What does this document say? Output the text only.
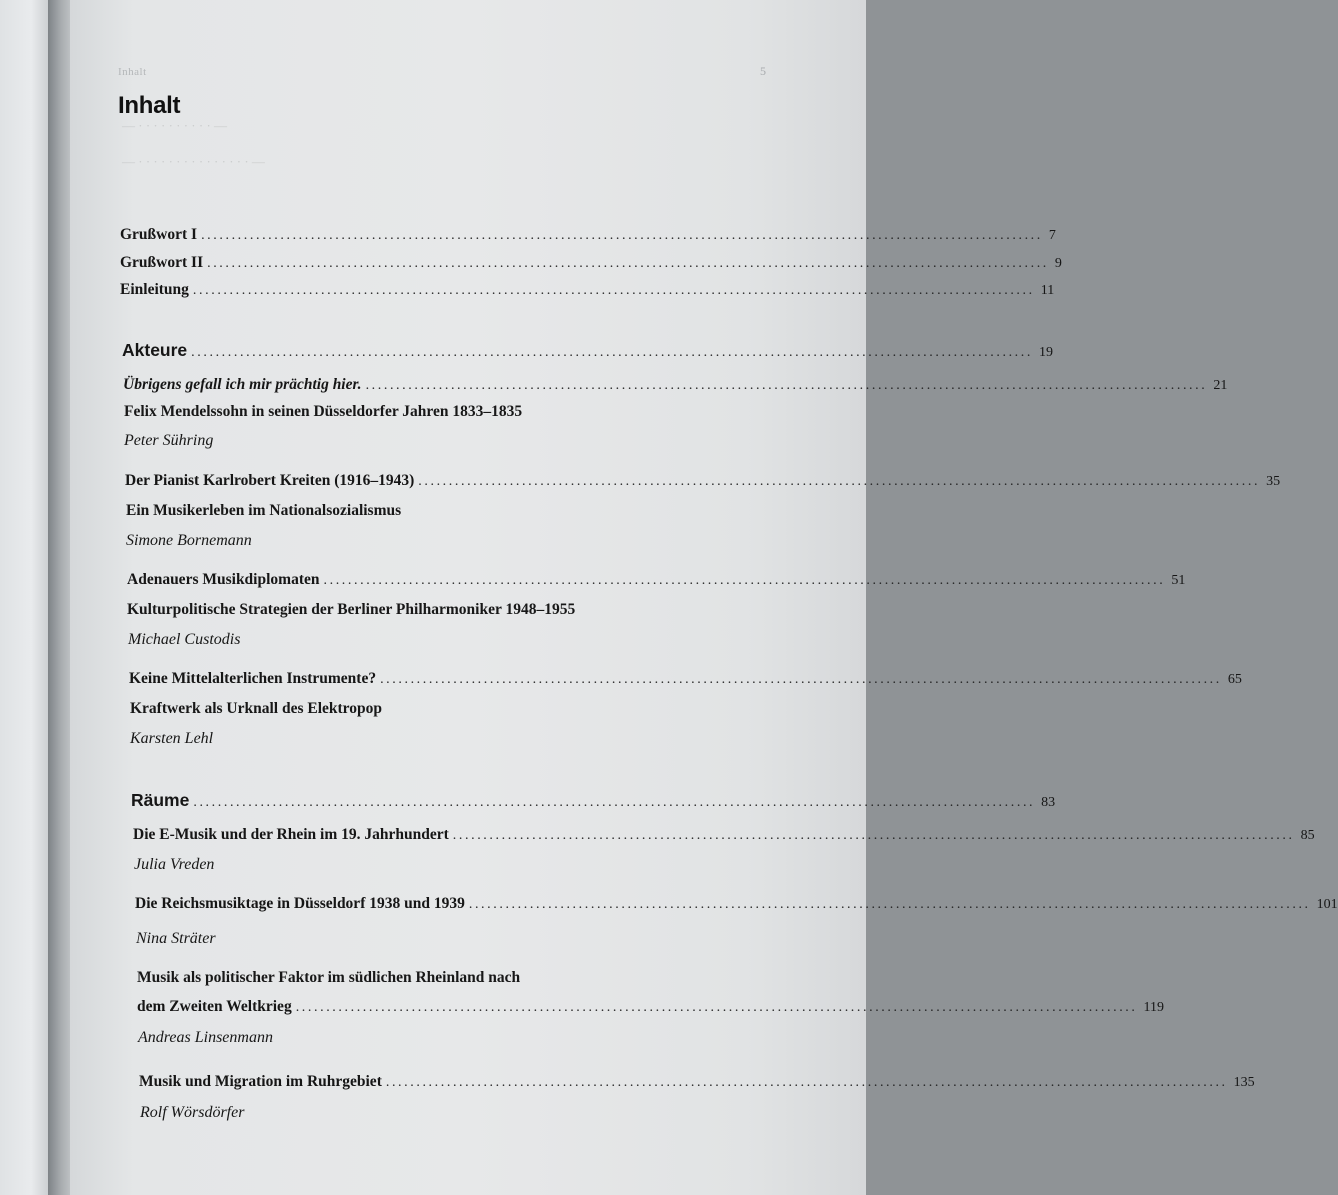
— · · · · · · · · · · —
— · · · · · · · · · · · · · · · —
Inhalt	5
Inhalt
Grußwort I .......................................................................................................................................... 7
Grußwort II .......................................................................................................................................... 9
Einleitung .......................................................................................................................................... 11
Akteure .......................................................................................................................................... 19
Übrigens gefall ich mir prächtig hier. .......................................................................................................................................... 21
Felix Mendelssohn in seinen Düsseldorfer Jahren 1833–1835
Peter Sühring
Der Pianist Karlrobert Kreiten (1916–1943) .......................................................................................................................................... 35
Ein Musikerleben im Nationalsozialismus
Simone Bornemann
Adenauers Musikdiplomaten .......................................................................................................................................... 51
Kulturpolitische Strategien der Berliner Philharmoniker 1948–1955
Michael Custodis
Keine Mittelalterlichen Instrumente? .......................................................................................................................................... 65
Kraftwerk als Urknall des Elektropop
Karsten Lehl
Räume .......................................................................................................................................... 83
Die E-Musik und der Rhein im 19. Jahrhundert .......................................................................................................................................... 85
Julia Vreden
Die Reichsmusiktage in Düsseldorf 1938 und 1939 .......................................................................................................................................... 101
Nina Sträter
Musik als politischer Faktor im südlichen Rheinland nach
dem Zweiten Weltkrieg .......................................................................................................................................... 119
Andreas Linsenmann
Musik und Migration im Ruhrgebiet .......................................................................................................................................... 135
Rolf Wörsdörfer
